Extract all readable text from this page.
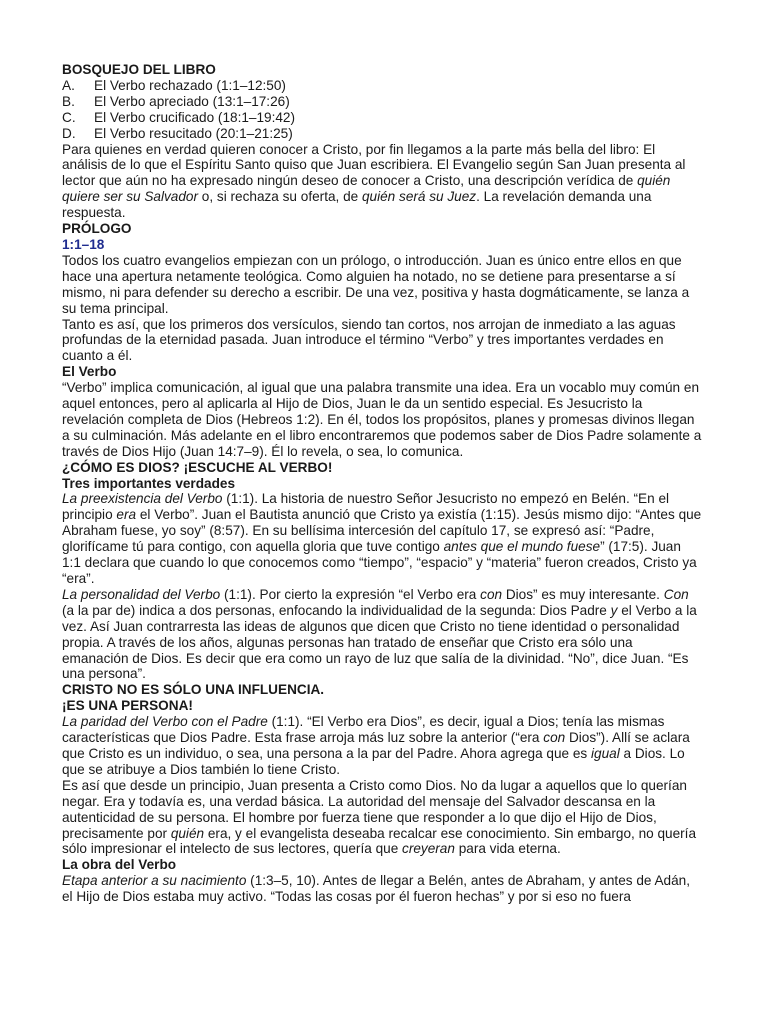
BOSQUEJO DEL LIBRO
A.	El Verbo rechazado (1:1–12:50)
B.	El Verbo apreciado (13:1–17:26)
C.	El Verbo crucificado (18:1–19:42)
D.	El Verbo resucitado (20:1–21:25)

Para quienes en verdad quieren conocer a Cristo, por fin llegamos a la parte más bella del libro: El análisis de lo que el Espíritu Santo quiso que Juan escribiera. El Evangelio según San Juan presenta al lector que aún no ha expresado ningún deseo de conocer a Cristo, una descripción verídica de quién quiere ser su Salvador o, si rechaza su oferta, de quién será su Juez. La revelación demanda una respuesta.

PRÓLOGO
1:1–18

Todos los cuatro evangelios empiezan con un prólogo, o introducción. Juan es único entre ellos en que hace una apertura netamente teológica. Como alguien ha notado, no se detiene para presentarse a sí mismo, ni para defender su derecho a escribir. De una vez, positiva y hasta dogmáticamente, se lanza a su tema principal.

Tanto es así, que los primeros dos versículos, siendo tan cortos, nos arrojan de inmediato a las aguas profundas de la eternidad pasada. Juan introduce el término “Verbo” y tres importantes verdades en cuanto a él.

El Verbo

“Verbo” implica comunicación, al igual que una palabra transmite una idea. Era un vocablo muy común en aquel entonces, pero al aplicarla al Hijo de Dios, Juan le da un sentido especial. Es Jesucristo la revelación completa de Dios (Hebreos 1:2). En él, todos los propósitos, planes y promesas divinos llegan a su culminación. Más adelante en el libro encontraremos que podemos saber de Dios Padre solamente a través de Dios Hijo (Juan 14:7–9). Él lo revela, o sea, lo comunica.

¿CÓMO ES DIOS? ¡ESCUCHE AL VERBO!
Tres importantes verdades

La preexistencia del Verbo (1:1). La historia de nuestro Señor Jesucristo no empezó en Belén. “En el principio era el Verbo”. Juan el Bautista anunció que Cristo ya existía (1:15). Jesús mismo dijo: “Antes que Abraham fuese, yo soy” (8:57). En su bellísima intercesión del capítulo 17, se expresó así: “Padre, glorifícame tú para contigo, con aquella gloria que tuve contigo antes que el mundo fuese” (17:5). Juan 1:1 declara que cuando lo que conocemos como “tiempo”, “espacio” y “materia” fueron creados, Cristo ya “era”.

La personalidad del Verbo (1:1). Por cierto la expresión “el Verbo era con Dios” es muy interesante. Con (a la par de) indica a dos personas, enfocando la individualidad de la segunda: Dios Padre y el Verbo a la vez. Así Juan contrarresta las ideas de algunos que dicen que Cristo no tiene identidad o personalidad propia. A través de los años, algunas personas han tratado de enseñar que Cristo era sólo una emanación de Dios. Es decir que era como un rayo de luz que salía de la divinidad. “No”, dice Juan. “Es una persona”.

CRISTO NO ES SÓLO UNA INFLUENCIA.
¡ES UNA PERSONA!

La paridad del Verbo con el Padre (1:1). “El Verbo era Dios”, es decir, igual a Dios; tenía las mismas características que Dios Padre. Esta frase arroja más luz sobre la anterior (“era con Dios”). Allí se aclara que Cristo es un individuo, o sea, una persona a la par del Padre. Ahora agrega que es igual a Dios. Lo que se atribuye a Dios también lo tiene Cristo.

Es así que desde un principio, Juan presenta a Cristo como Dios. No da lugar a aquellos que lo querían negar. Era y todavía es, una verdad básica. La autoridad del mensaje del Salvador descansa en la autenticidad de su persona. El hombre por fuerza tiene que responder a lo que dijo el Hijo de Dios, precisamente por quién era, y el evangelista deseaba recalcar ese conocimiento. Sin embargo, no quería sólo impresionar el intelecto de sus lectores, quería que creyeran para vida eterna.

La obra del Verbo

Etapa anterior a su nacimiento (1:3–5, 10). Antes de llegar a Belén, antes de Abraham, y antes de Adán, el Hijo de Dios estaba muy activo. “Todas las cosas por él fueron hechas” y por si eso no fuera
